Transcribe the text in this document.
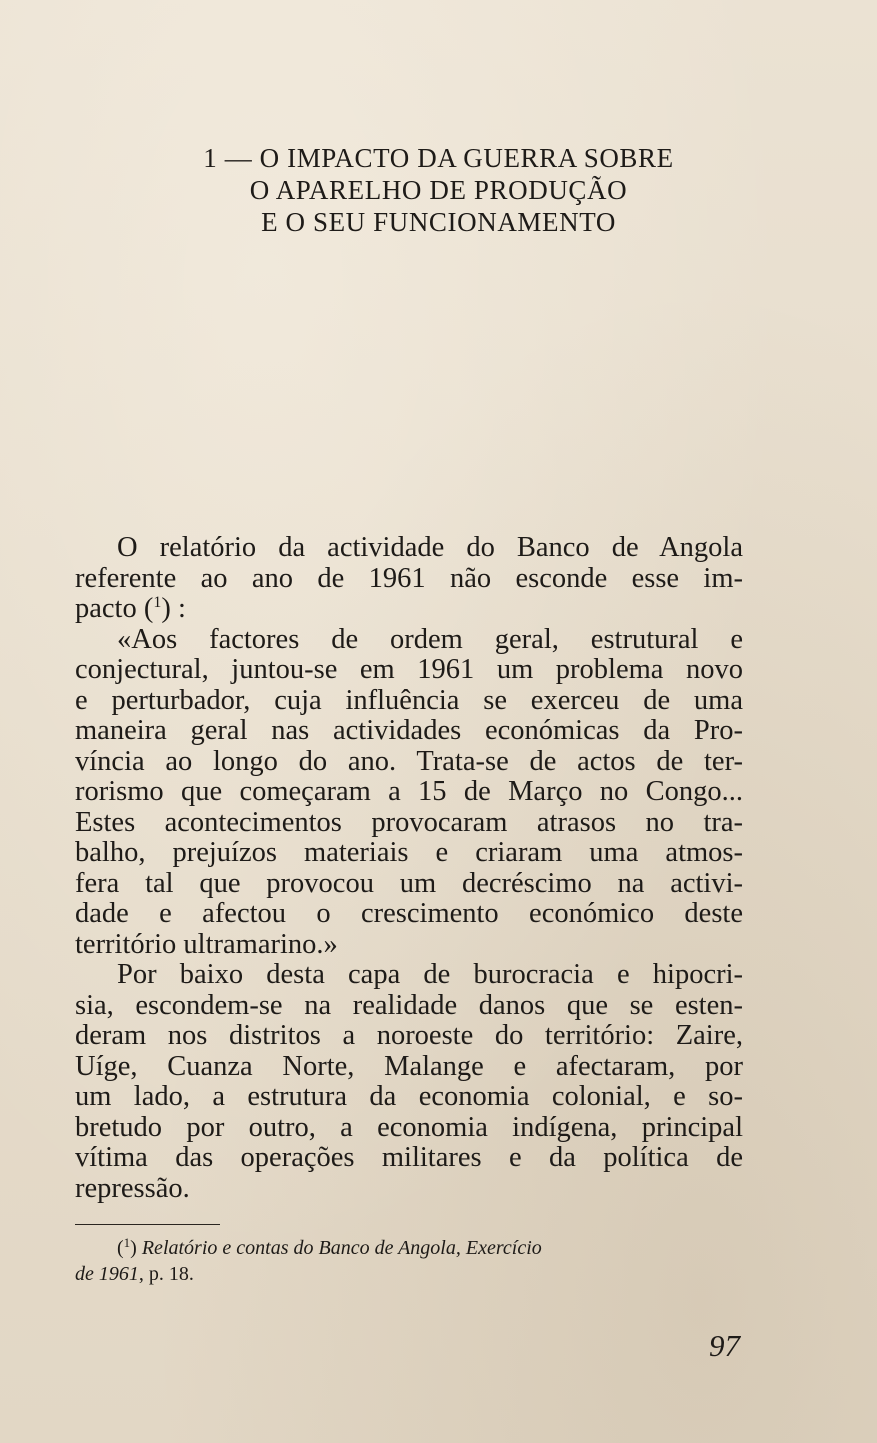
1 — O IMPACTO DA GUERRA SOBRE
O APARELHO DE PRODUÇÃO
E O SEU FUNCIONAMENTO
O relatório da actividade do Banco de Angola
referente ao ano de 1961 não esconde esse im-
pacto ($^1$) :
«Aos factores de ordem geral, estrutural e
conjectural, juntou-se em 1961 um problema novo
e perturbador, cuja influência se exerceu de uma
maneira geral nas actividades económicas da Pro-
víncia ao longo do ano. Trata-se de actos de ter-
rorismo que começaram a 15 de Março no Congo...
Estes acontecimentos provocaram atrasos no tra-
balho, prejuízos materiais e criaram uma atmos-
fera tal que provocou um decréscimo na activi-
dade e afectou o crescimento económico deste
território ultramarino.»
Por baixo desta capa de burocracia e hipocri-
sia, escondem-se na realidade danos que se esten-
deram nos distritos a noroeste do território: Zaire,
Uíge, Cuanza Norte, Malange e afectaram, por
um lado, a estrutura da economia colonial, e so-
bretudo por outro, a economia indígena, principal
vítima das operações militares e da política de
repressão.
($^1$) Relatório e contas do Banco de Angola, Exercício
de 1961, p. 18.
97
